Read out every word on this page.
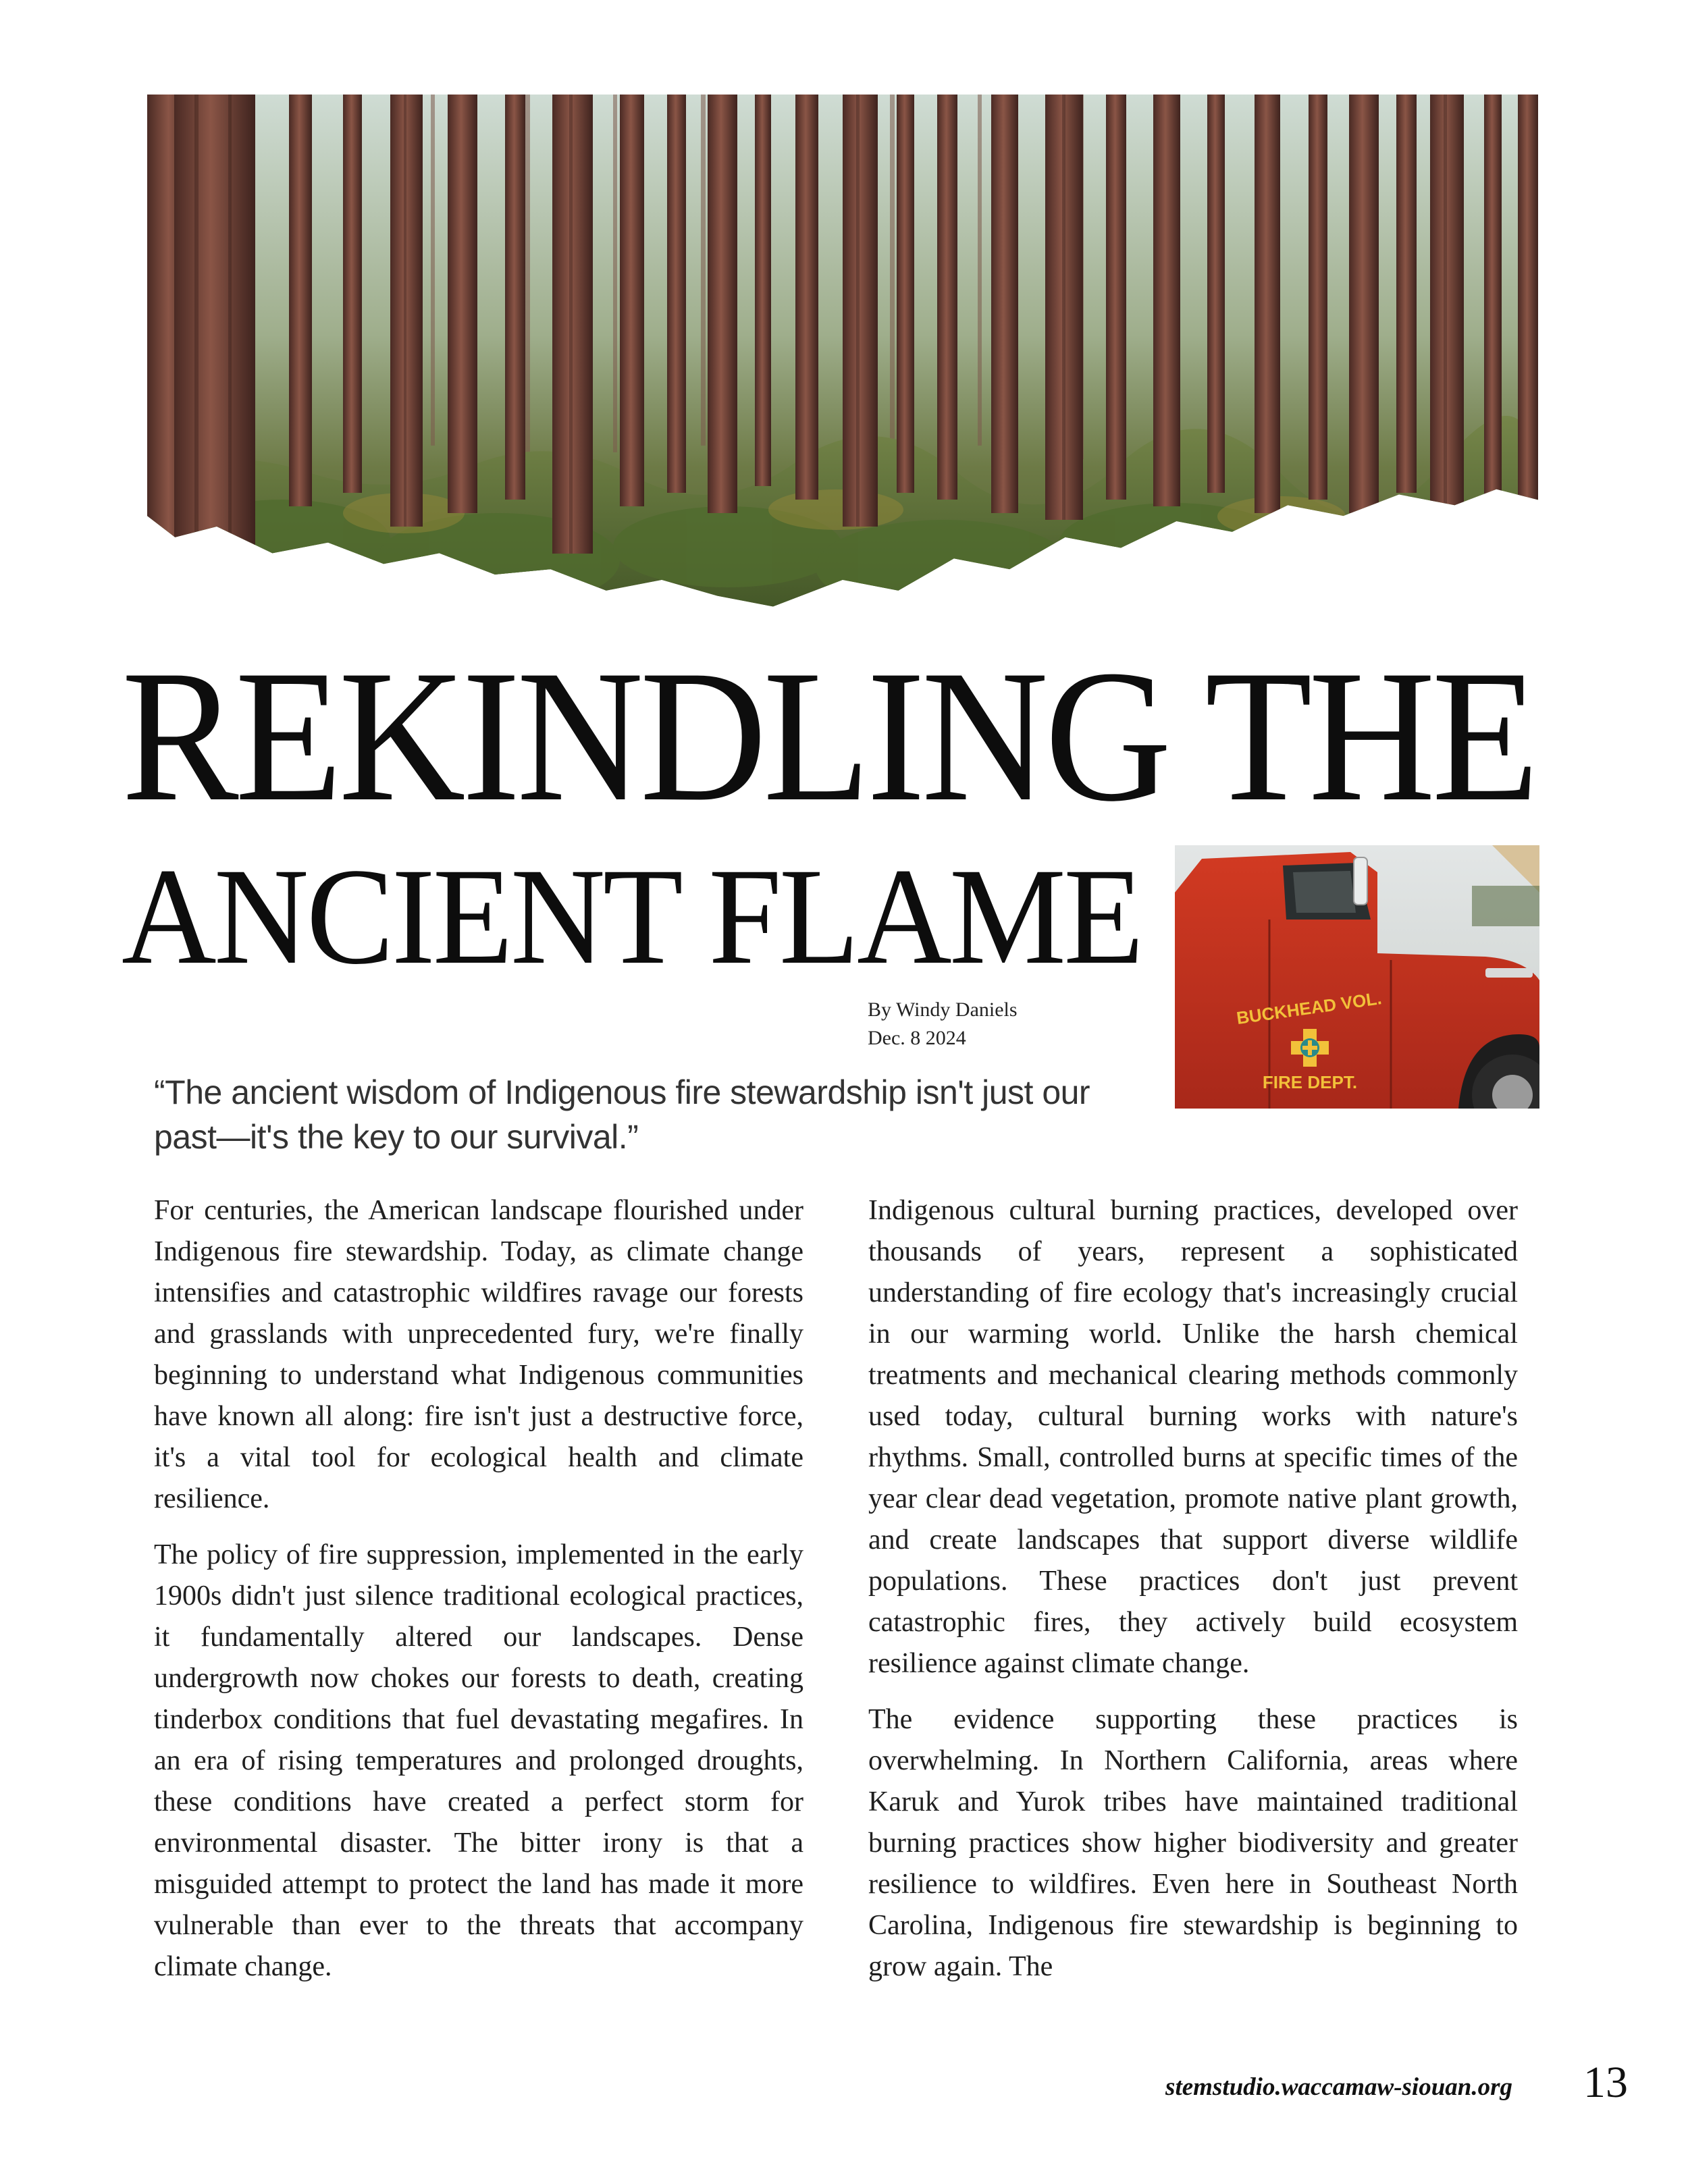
REKINDLING THE
ANCIENT FLAME
BUCKHEAD VOL.
FIRE DEPT.
By Windy Daniels
Dec. 8 2024

“The ancient wisdom of Indigenous fire stewardship isn't just our past—it's the key to our survival.”

For centuries, the American landscape flourished under Indigenous fire stewardship. Today, as climate change intensifies and catastrophic wildfires ravage our forests and grasslands with unprecedented fury, we're finally beginning to understand what Indigenous communities have known all along: fire isn't just a destructive force, it's a vital tool for ecological health and climate resilience.

The policy of fire suppression, implemented in the early 1900s didn't just silence traditional ecological practices, it fundamentally altered our landscapes. Dense undergrowth now chokes our forests to death, creating tinderbox conditions that fuel devastating megafires. In an era of rising temperatures and prolonged droughts, these conditions have created a perfect storm for environmental disaster. The bitter irony is that a misguided attempt to protect the land has made it more vulnerable than ever to the threats that accompany climate change.

Indigenous cultural burning practices, developed over thousands of years, represent a sophisticated understanding of fire ecology that's increasingly crucial in our warming world. Unlike the harsh chemical treatments and mechanical clearing methods commonly used today, cultural burning works with nature's rhythms. Small, controlled burns at specific times of the year clear dead vegetation, promote native plant growth, and create landscapes that support diverse wildlife populations. These practices don't just prevent catastrophic fires, they actively build ecosystem resilience against climate change.

The evidence supporting these practices is overwhelming. In Northern California, areas where Karuk and Yurok tribes have maintained traditional burning practices show higher biodiversity and greater resilience to wildfires. Even here in Southeast North Carolina, Indigenous fire stewardship is beginning to grow again. The

stemstudio.waccamaw-siouan.org 13
